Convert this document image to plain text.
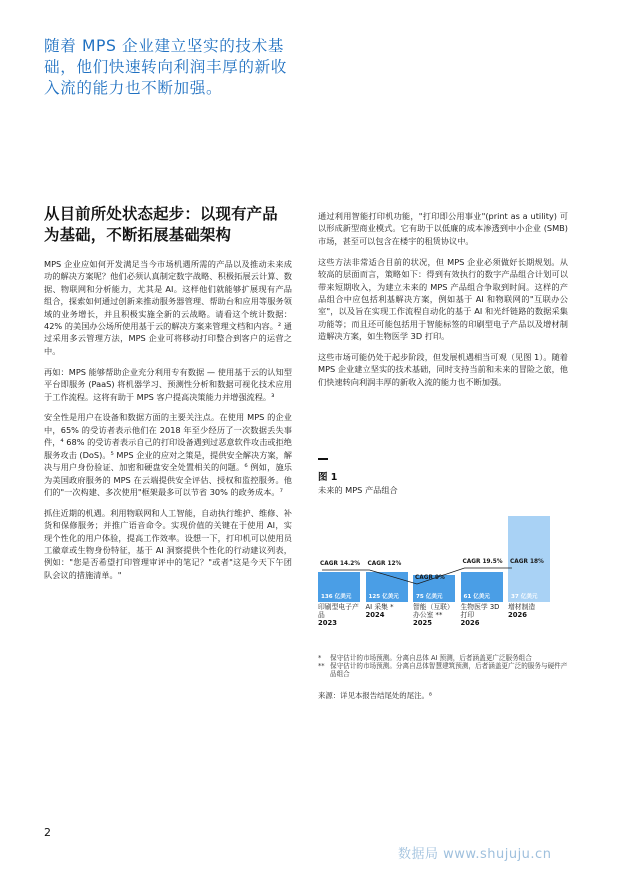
随着 MPS 企业建立坚实的技术基础，他们快速转向利润丰厚的新收入流的能力也不断加强。
从目前所处状态起步：以现有产品为基础，不断拓展基础架构

MPS 企业应如何开发满足当今市场机遇所需的产品以及推动未来成功的解决方案呢？他们必须认真制定数字战略、积极拓展云计算、数据、物联网和分析能力，尤其是 AI。这样他们就能够扩展现有产品组合，探索如何通过创新来推动服务器管理、帮助台和应用等服务领域的业务增长，并且积极实施全新的云战略。请看这个统计数据：42% 的美国办公场所使用基于云的解决方案来管理文档和内容。² 通过采用多云管理方法，MPS 企业可将移动打印整合到客户的运营之中。

再如：MPS 能够帮助企业充分利用专有数据 — 使用基于云的认知型平台即服务 (PaaS) 将机器学习、预测性分析和数据可视化技术应用于工作流程。这将有助于 MPS 客户提高决策能力并增强流程。³

安全性是用户在设备和数据方面的主要关注点。在使用 MPS 的企业中，65% 的受访者表示他们在 2018 年至少经历了一次数据丢失事件，⁴ 68% 的受访者表示自己的打印设备遇到过恶意软件攻击或拒绝服务攻击 (DoS)。⁵ MPS 企业的应对之策是，提供安全解决方案，解决与用户身份验证、加密和硬盘安全处置相关的问题。⁶ 例如，施乐为美国政府服务的 MPS 在云端提供安全评估、授权和监控服务。他们的"一次构建、多次使用"框架最多可以节省 30% 的政务成本。⁷

抓住近期的机遇。利用物联网和人工智能，自动执行维护、维修、补货和保修服务；并推广语音命令。实现价值的关键在于使用 AI，实现个性化的用户体验，提高工作效率。设想一下，打印机可以使用员工徽章或生物身份特征，基于 AI 洞察提供个性化的行动建议列表，例如："您是否希望打印管理审评中的笔记？"或者"这是今天下午团队会议的措施清单。"

通过利用智能打印机功能，"打印即公用事业"(print as a utility) 可以形成新型商业模式。它有助于以低廉的成本渗透到中小企业 (SMB) 市场，甚至可以包含在楼宇的租赁协议中。

这些方法非常适合目前的状况，但 MPS 企业必须做好长期规划。从较高的层面而言，策略如下：得到有效执行的数字产品组合计划可以带来短期收入，为建立未来的 MPS 产品组合争取到时间。这样的产品组合中应包括利基解决方案，例如基于 AI 和物联网的"互联办公室"，以及旨在实现工作流程自动化的基于 AI 和光纤链路的数据采集功能等；而且还可能包括用于智能标签的印刷型电子产品以及增材制造解决方案，如生物医学 3D 打印。

这些市场可能仍处于起步阶段，但发展机遇相当可观（见图 1）。随着 MPS 企业建立坚实的技术基础，同时支持当前和未来的冒险之旅，他们快速转向利润丰厚的新收入流的能力也不断加强。

图 1
未来的 MPS 产品组合
136 亿美元
CAGR 14.2%
125 亿美元
CAGR 12%
75 亿美元
CAGR 9%
61 亿美元
CAGR 19.5%
37 亿美元
CAGR 18%
印刷型电子产品
2023
AI 采集 *
2024
智能（互联）办公室 **
2025
生物医学 3D 打印
2026
增材制造
2026
*	保守估计的市场预测。分离自总体 AI 预测，后者涵盖更广泛服务组合
** 保守估计的市场预测。分离自总体智慧建筑预测，后者涵盖更广泛的服务与硬件产品组合
来源：详见本报告结尾处的尾注。⁸
2
数据局 www.shujuju.cn
